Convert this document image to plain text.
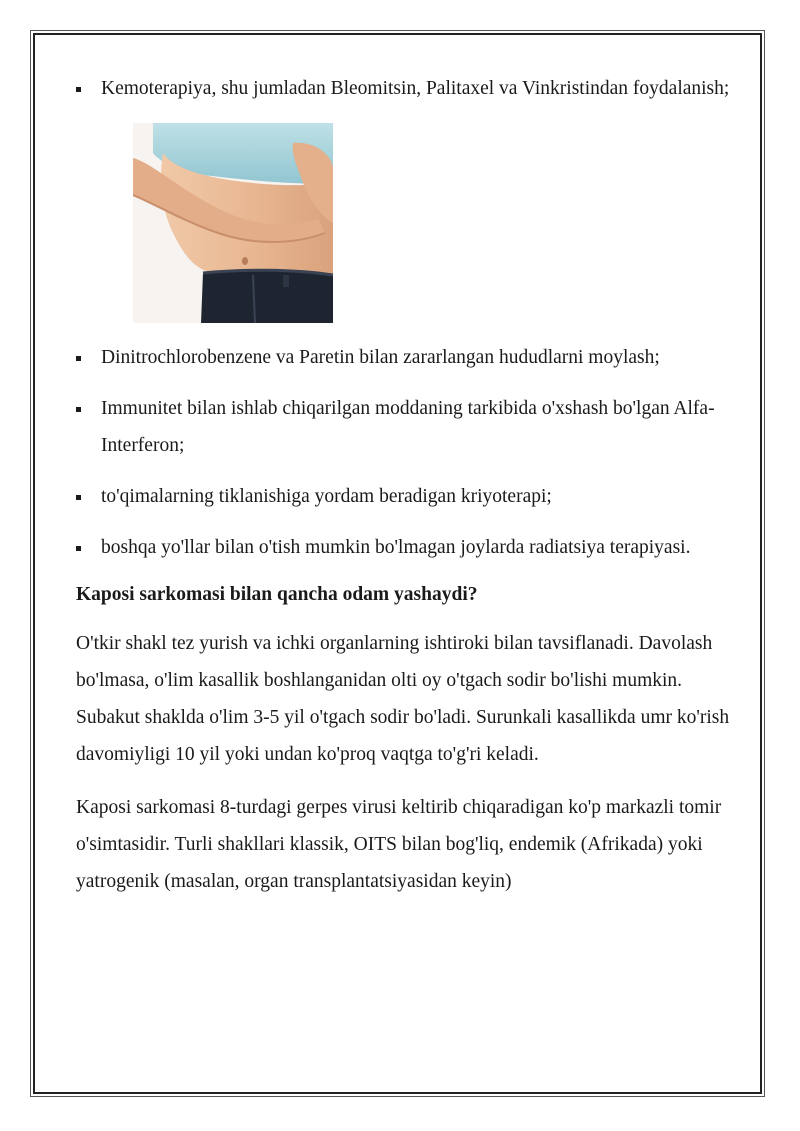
Kemoterapiya, shu jumladan Bleomitsin, Palitaxel va Vinkristindan foydalanish;
Dinitrochlorobenzene va Paretin bilan zararlangan hududlarni moylash;
Immunitet bilan ishlab chiqarilgan moddaning tarkibida o'xshash bo'lgan Alfa-Interferon;
to'qimalarning tiklanishiga yordam beradigan kriyoterapi;
boshqa yo'llar bilan o'tish mumkin bo'lmagan joylarda radiatsiya terapiyasi.
Kaposi sarkomasi bilan qancha odam yashaydi?

O'tkir shakl tez yurish va ichki organlarning ishtiroki bilan tavsiflanadi. Davolash bo'lmasa, o'lim kasallik boshlanganidan olti oy o'tgach sodir bo'lishi mumkin. Subakut shaklda o'lim 3-5 yil o'tgach sodir bo'ladi. Surunkali kasallikda umr ko'rish davomiyligi 10 yil yoki undan ko'proq vaqtga to'g'ri keladi.

Kaposi sarkomasi 8-turdagi gerpes virusi keltirib chiqaradigan ko'p markazli tomir o'simtasidir. Turli shakllari klassik, OITS bilan bog'liq, endemik (Afrikada) yoki yatrogenik (masalan, organ transplantatsiyasidan keyin)
